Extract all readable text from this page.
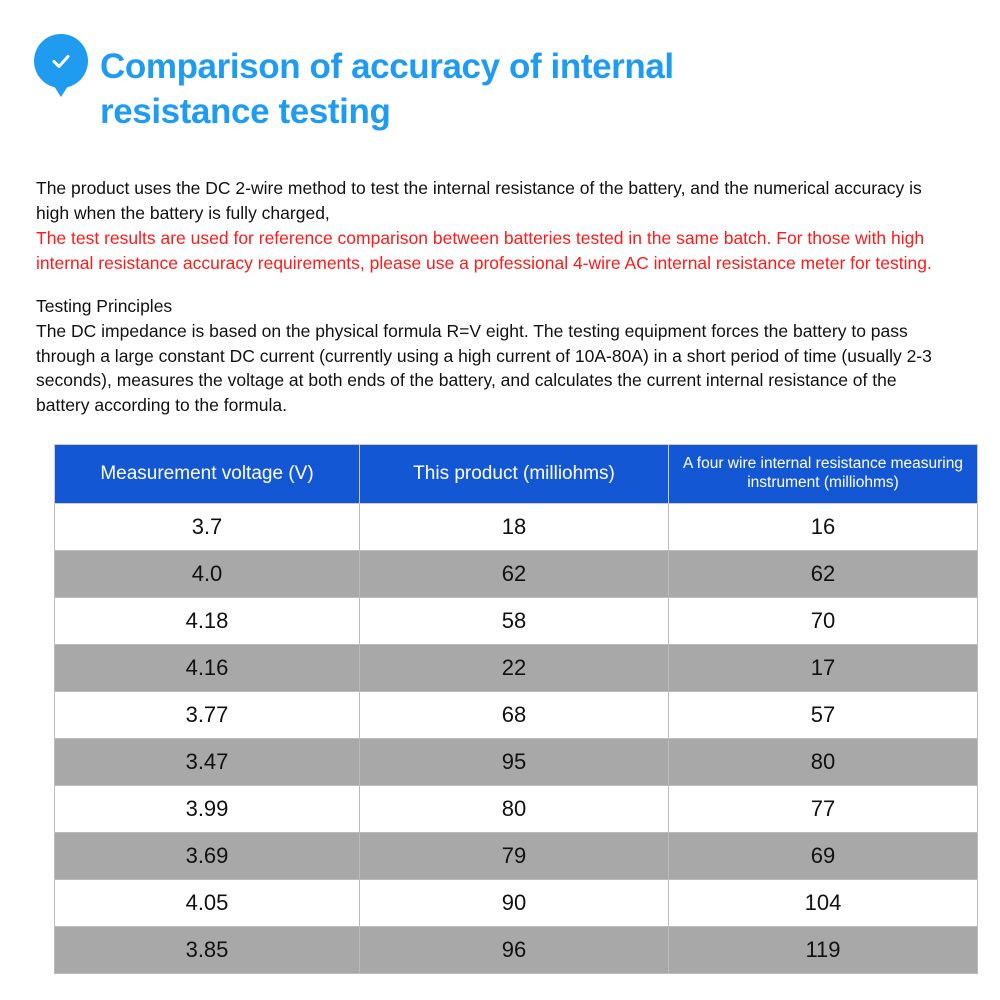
Comparison of accuracy of internal resistance testing

The product uses the DC 2-wire method to test the internal resistance of the battery, and the numerical accuracy is high when the battery is fully charged,

The test results are used for reference comparison between batteries tested in the same batch. For those with high internal resistance accuracy requirements, please use a professional 4-wire AC internal resistance meter for testing.

Testing Principles

The DC impedance is based on the physical formula R=V eight. The testing equipment forces the battery to pass through a large constant DC current (currently using a high current of 10A-80A) in a short period of time (usually 2-3 seconds), measures the voltage at both ends of the battery, and calculates the current internal resistance of the battery according to the formula.

Measurement voltage (V)	This product (milliohms)	A four wire internal resistance measuring instrument (milliohms)
3.7	18	16
4.0	62	62
4.18	58	70
4.16	22	17
3.77	68	57
3.47	95	80
3.99	80	77
3.69	79	69
4.05	90	104
3.85	96	119
